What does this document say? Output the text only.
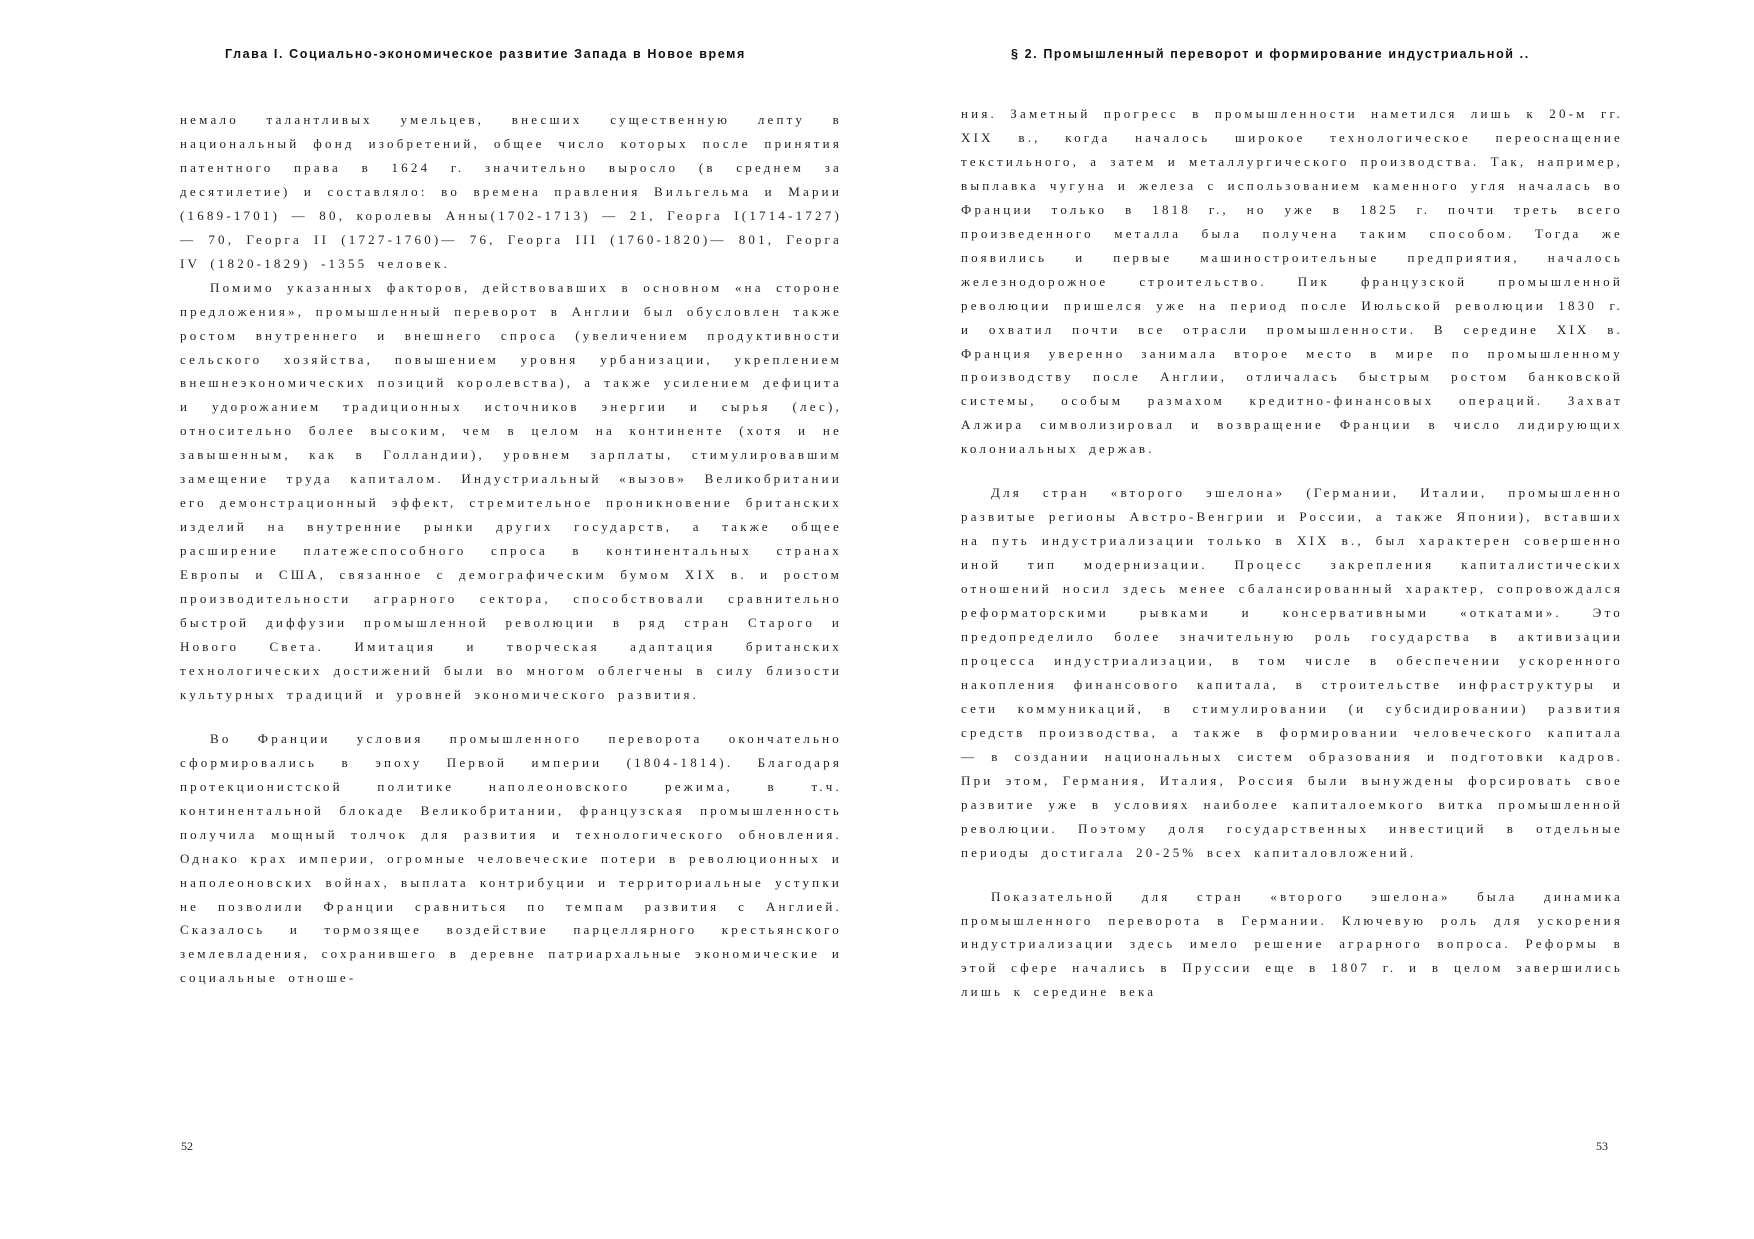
Глава I. Социально-экономическое развитие Запада в Новое время

немало талантливых умельцев, внесших существенную лепту в национальный фонд изобретений, общее число которых после принятия патентного права в 1624 г. значительно выросло (в среднем за десятилетие) и составляло: во времена правления Вильгельма и Марии (1689-1701) — 80, королевы Анны(1702-1713) — 21, Георга I(1714-1727) — 70, Георга II (1727-1760)— 76, Георга III (1760-1820)— 801, Георга IV (1820-1829) -1355 человек.

Помимо указанных факторов, действовавших в основном «на стороне предложения», промышленный переворот в Англии был обусловлен также ростом внутреннего и внешнего спроса (увеличением продуктивности сельского хозяйства, повышением уровня урбанизации, укреплением внешнеэкономических позиций королевства), а также усилением дефицита и удорожанием традиционных источников энергии и сырья (лес), относительно более высоким, чем в целом на континенте (хотя и не завышенным, как в Голландии), уровнем зарплаты, стимулировавшим замещение труда капиталом. Индустриальный «вызов» Великобритании его демонстрационный эффект, стремительное проникновение британских изделий на внутренние рынки других государств, а также общее расширение платежеспособного спроса в континентальных странах Европы и США, связанное с демографическим бумом XIX в. и ростом производительности аграрного сектора, способствовали сравнительно быстрой диффузии промышленной революции в ряд стран Старого и Нового Света. Имитация и творческая адаптация британских технологических достижений были во многом облегчены в силу близости культурных традиций и уровней экономического развития.

Во Франции условия промышленного переворота окончательно сформировались в эпоху Первой империи (1804-1814). Благодаря протекционистской политике наполеоновского режима, в т.ч. континентальной блокаде Великобритании, французская промышленность получила мощный толчок для развития и технологического обновления. Однако крах империи, огромные человеческие потери в революционных и наполеоновских войнах, выплата контрибуции и территориальные уступки не позволили Франции сравниться по темпам развития с Англией. Сказалось и тормозящее воздействие парцеллярного крестьянского землевладения, сохранившего в деревне патриархальные экономические и социальные отноше-

52
§ 2. Промышленный переворот и формирование индустриальной ..

ния. Заметный прогресс в промышленности наметился лишь к 20-м гг. XIX в., когда началось широкое технологическое переоснащение текстильного, а затем и металлургического производства. Так, например, выплавка чугуна и железа с использованием каменного угля началась во Франции только в 1818 г., но уже в 1825 г. почти треть всего произведенного металла была получена таким способом. Тогда же появились и первые машиностроительные предприятия, началось железнодорожное строительство. Пик французской промышленной революции пришелся уже на период после Июльской революции 1830 г. и охватил почти все отрасли промышленности. В середине XIX в. Франция уверенно занимала второе место в мире по промышленному производству после Англии, отличалась быстрым ростом банковской системы, особым размахом кредитно-финансовых операций. Захват Алжира символизировал и возвращение Франции в число лидирующих колониальных держав.

Для стран «второго эшелона» (Германии, Италии, промышленно развитые регионы Австро-Венгрии и России, а также Японии), вставших на путь индустриализации только в XIX в., был характерен совершенно иной тип модернизации. Процесс закрепления капиталистических отношений носил здесь менее сбалансированный характер, сопровождался реформаторскими рывками и консервативными «откатами». Это предопределило более значительную роль государства в активизации процесса индустриализации, в том числе в обеспечении ускоренного накопления финансового капитала, в строительстве инфраструктуры и сети коммуникаций, в стимулировании (и субсидировании) развития средств производства, а также в формировании человеческого капитала — в создании национальных систем образования и подготовки кадров. При этом, Германия, Италия, Россия были вынуждены форсировать свое развитие уже в условиях наиболее капиталоемкого витка промышленной революции. Поэтому доля государственных инвестиций в отдельные периоды достигала 20-25% всех капиталовложений.

Показательной для стран «второго эшелона» была динамика промышленного переворота в Германии. Ключевую роль для ускорения индустриализации здесь имело решение аграрного вопроса. Реформы в этой сфере начались в Пруссии еще в 1807 г. и в целом завершились лишь к середине века

53
